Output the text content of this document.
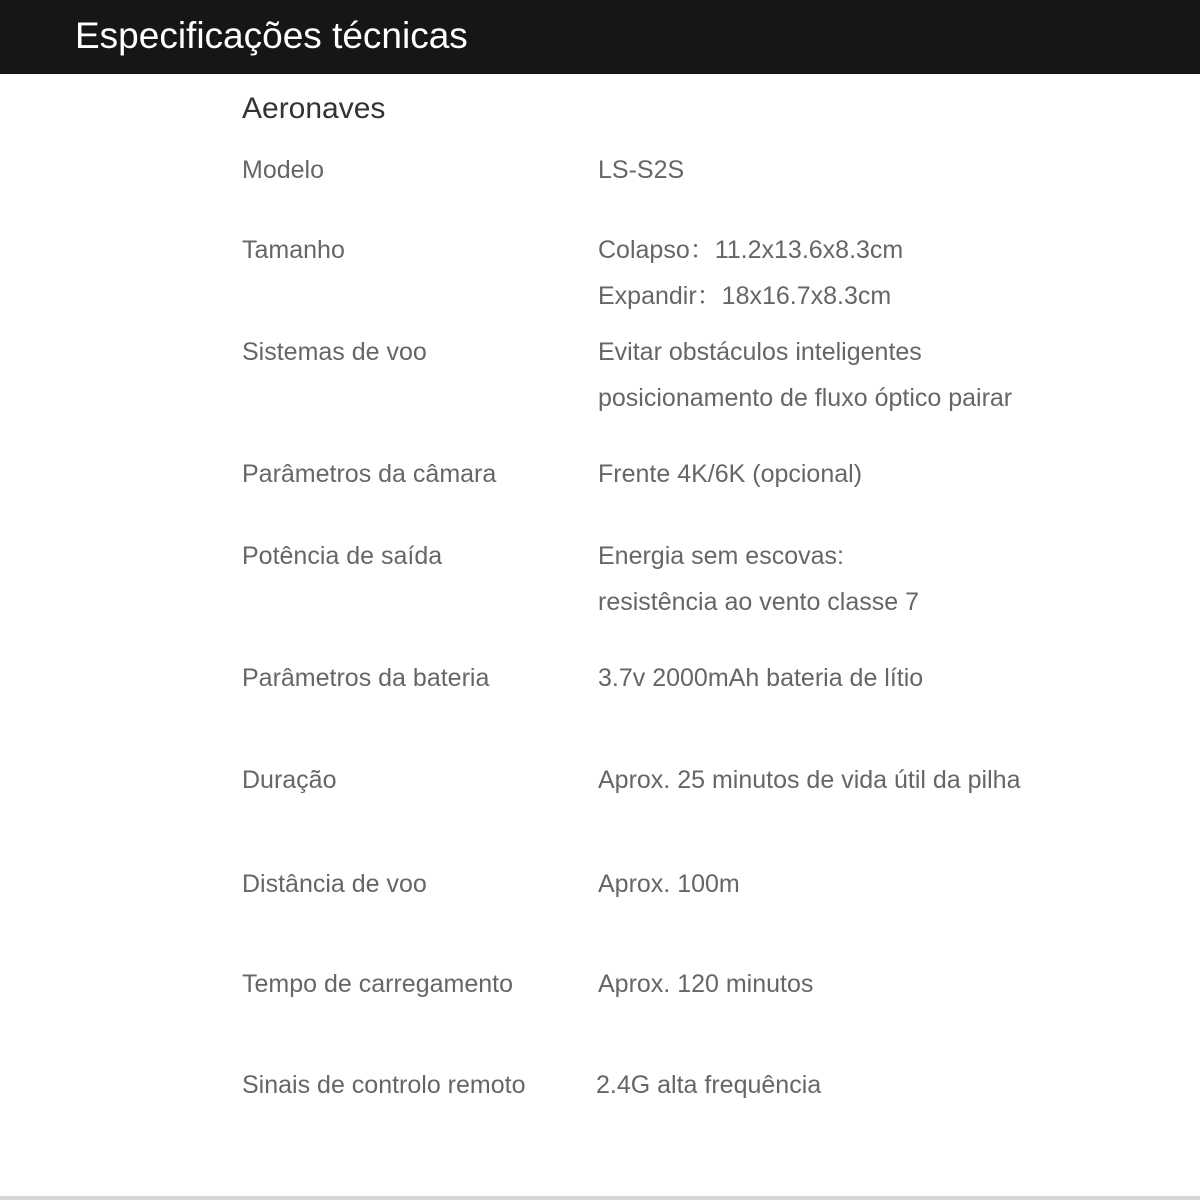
Especificações técnicas
Aeronaves
Modelo	LS-S2S
Tamanho	Colapso：11.2x13.6x8.3cm
Expandir：18x16.7x8.3cm
Sistemas de voo	Evitar obstáculos inteligentes
posicionamento de fluxo óptico pairar
Parâmetros da câmara	Frente 4K/6K (opcional)
Potência de saída	Energia sem escovas:
resistência ao vento classe 7
Parâmetros da bateria	3.7v 2000mAh bateria de lítio
Duração	Aprox. 25 minutos de vida útil da pilha
Distância de voo	Aprox. 100m
Tempo de carregamento	Aprox. 120 minutos
Sinais de controlo remoto	2.4G alta frequência
